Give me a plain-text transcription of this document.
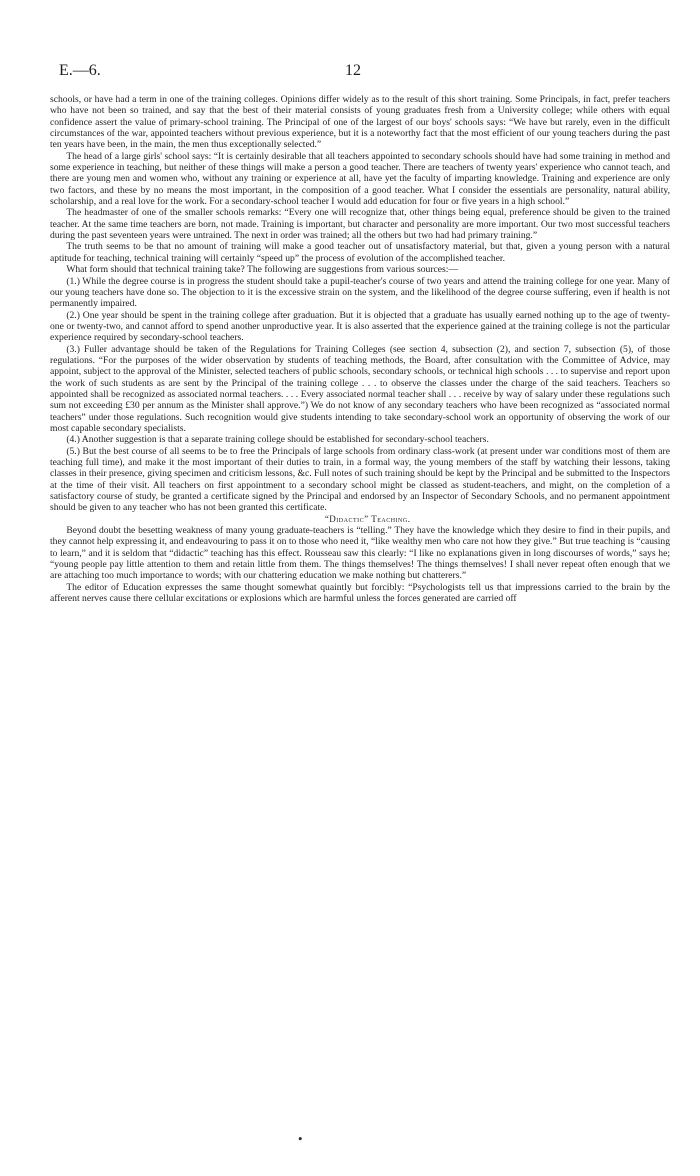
E.—6.	12

schools, or have had a term in one of the training colleges. Opinions differ widely as to the result of this short training. Some Principals, in fact, prefer teachers who have not been so trained, and say that the best of their material consists of young graduates fresh from a University college; while others with equal confidence assert the value of primary-school training. The Principal of one of the largest of our boys' schools says: “We have but rarely, even in the difficult circumstances of the war, appointed teachers without previous experience, but it is a noteworthy fact that the most efficient of our young teachers during the past ten years have been, in the main, the men thus exceptionally selected.”

The head of a large girls' school says: “It is certainly desirable that all teachers appointed to secondary schools should have had some training in method and some experience in teaching, but neither of these things will make a person a good teacher. There are teachers of twenty years' experience who cannot teach, and there are young men and women who, without any training or experience at all, have yet the faculty of imparting knowledge. Training and experience are only two factors, and these by no means the most important, in the composition of a good teacher. What I consider the essentials are personality, natural ability, scholarship, and a real love for the work. For a secondary-school teacher I would add education for four or five years in a high school.”

The headmaster of one of the smaller schools remarks: “Every one will recognize that, other things being equal, preference should be given to the trained teacher. At the same time teachers are born, not made. Training is important, but character and personality are more important. Our two most successful teachers during the past seventeen years were untrained. The next in order was trained; all the others but two had had primary training.”

The truth seems to be that no amount of training will make a good teacher out of unsatisfactory material, but that, given a young person with a natural aptitude for teaching, technical training will certainly “speed up” the process of evolution of the accomplished teacher.

What form should that technical training take? The following are suggestions from various sources:—

(1.) While the degree course is in progress the student should take a pupil-teacher's course of two years and attend the training college for one year. Many of our young teachers have done so. The objection to it is the excessive strain on the system, and the likelihood of the degree course suffering, even if health is not permanently impaired.

(2.) One year should be spent in the training college after graduation. But it is objected that a graduate has usually earned nothing up to the age of twenty-one or twenty-two, and cannot afford to spend another unproductive year. It is also asserted that the experience gained at the training college is not the particular experience required by secondary-school teachers.

(3.) Fuller advantage should be taken of the Regulations for Training Colleges (see section 4, subsection (2), and section 7, subsection (5), of those regulations. “For the purposes of the wider observation by students of teaching methods, the Board, after consultation with the Committee of Advice, may appoint, subject to the approval of the Minister, selected teachers of public schools, secondary schools, or technical high schools . . . to supervise and report upon the work of such students as are sent by the Principal of the training college . . . to observe the classes under the charge of the said teachers. Teachers so appointed shall be recognized as associated normal teachers. . . . Every associated normal teacher shall . . . receive by way of salary under these regulations such sum not exceeding £30 per annum as the Minister shall approve.”) We do not know of any secondary teachers who have been recognized as “associated normal teachers” under those regulations. Such recognition would give students intending to take secondary-school work an opportunity of observing the work of our most capable secondary specialists.

(4.) Another suggestion is that a separate training college should be established for secondary-school teachers.

(5.) But the best course of all seems to be to free the Principals of large schools from ordinary class-work (at present under war conditions most of them are teaching full time), and make it the most important of their duties to train, in a formal way, the young members of the staff by watching their lessons, taking classes in their presence, giving specimen and criticism lessons, &c. Full notes of such training should be kept by the Principal and be submitted to the Inspectors at the time of their visit. All teachers on first appointment to a secondary school might be classed as student-teachers, and might, on the completion of a satisfactory course of study, be granted a certificate signed by the Principal and endorsed by an Inspector of Secondary Schools, and no permanent appointment should be given to any teacher who has not been granted this certificate.

“Didactic” Teaching.

Beyond doubt the besetting weakness of many young graduate-teachers is “telling.” They have the knowledge which they desire to find in their pupils, and they cannot help expressing it, and endeavouring to pass it on to those who need it, “like wealthy men who care not how they give.” But true teaching is “causing to learn,” and it is seldom that “didactic” teaching has this effect. Rousseau saw this clearly: “I like no explanations given in long discourses of words,” says he; “young people pay little attention to them and retain little from them. The things themselves! The things themselves! I shall never repeat often enough that we are attaching too much importance to words; with our chattering education we make nothing but chatterers.”

The editor of Education expresses the same thought somewhat quaintly but forcibly: “Psychologists tell us that impressions carried to the brain by the afferent nerves cause there cellular excitations or explosions which are harmful unless the forces generated are carried off

•
